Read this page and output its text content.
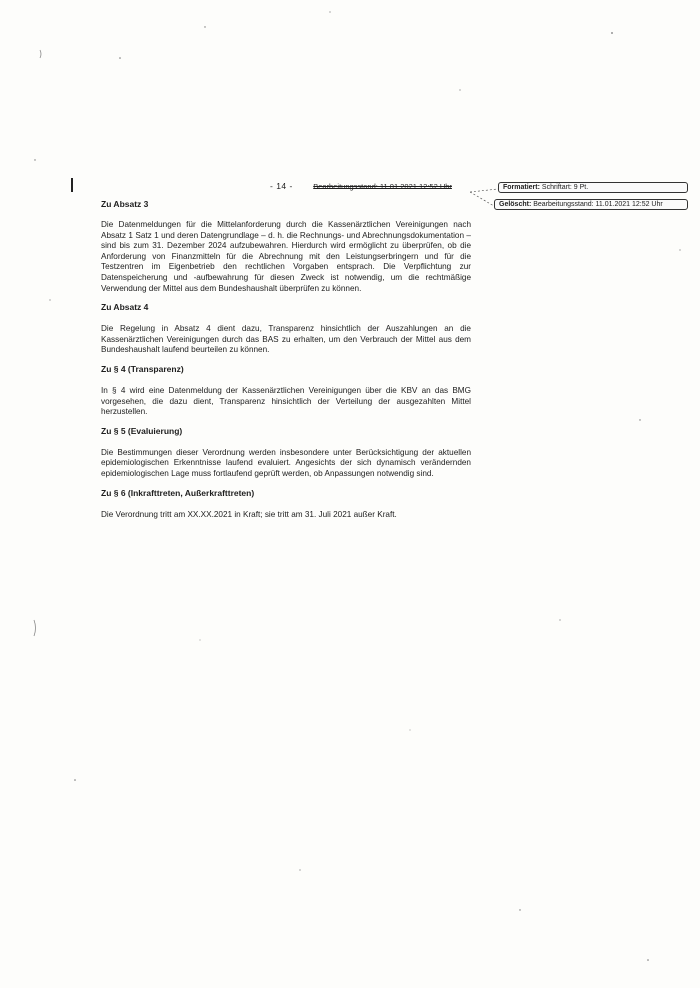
- 14 -	Bearbeitungsstand: 11.01.2021 12:52 Uhr	Formatiert: Schriftart: 9 Pt.
Gelöscht: Bearbeitungsstand: 11.01.2021 12:52 Uhr
Zu Absatz 3

Die Datenmeldungen für die Mittelanforderung durch die Kassenärztlichen Vereinigungen nach Absatz 1 Satz 1 und deren Datengrundlage – d. h. die Rechnungs- und Abrechnungsdokumentation – sind bis zum 31. Dezember 2024 aufzubewahren. Hierdurch wird ermöglicht zu überprüfen, ob die Anforderung von Finanzmitteln für die Abrechnung mit den Leistungserbringern und für die Testzentren im Eigenbetrieb den rechtlichen Vorgaben entsprach. Die Verpflichtung zur Datenspeicherung und -aufbewahrung für diesen Zweck ist notwendig, um die rechtmäßige Verwendung der Mittel aus dem Bundeshaushalt überprüfen zu können.

Zu Absatz 4

Die Regelung in Absatz 4 dient dazu, Transparenz hinsichtlich der Auszahlungen an die Kassenärztlichen Vereinigungen durch das BAS zu erhalten, um den Verbrauch der Mittel aus dem Bundeshaushalt laufend beurteilen zu können.

Zu § 4 (Transparenz)

In § 4 wird eine Datenmeldung der Kassenärztlichen Vereinigungen über die KBV an das BMG vorgesehen, die dazu dient, Transparenz hinsichtlich der Verteilung der ausgezahlten Mittel herzustellen.

Zu § 5 (Evaluierung)

Die Bestimmungen dieser Verordnung werden insbesondere unter Berücksichtigung der aktuellen epidemiologischen Erkenntnisse laufend evaluiert. Angesichts der sich dynamisch verändernden epidemiologischen Lage muss fortlaufend geprüft werden, ob Anpassungen notwendig sind.

Zu § 6 (Inkrafttreten, Außerkrafttreten)

Die Verordnung tritt am XX.XX.2021 in Kraft; sie tritt am 31. Juli 2021 außer Kraft.
